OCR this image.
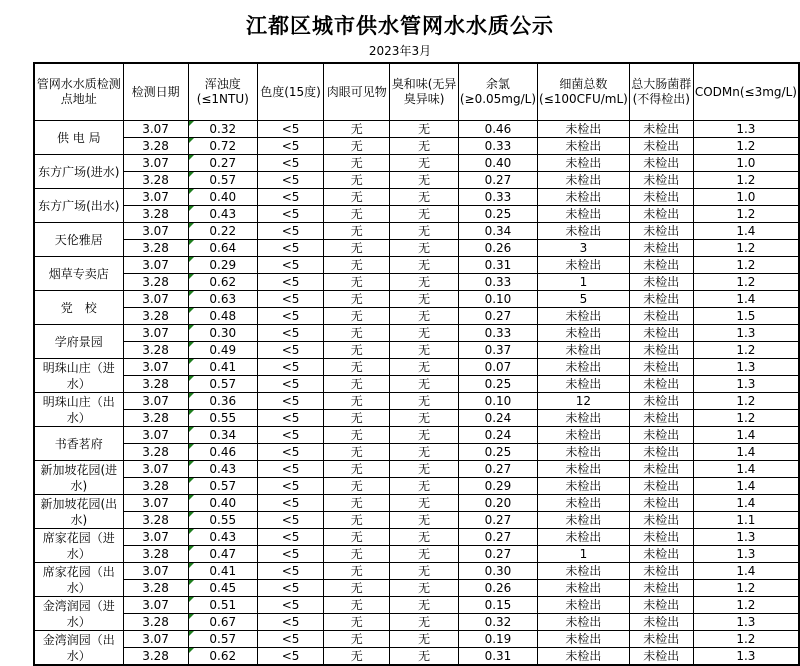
江都区城市供水管网水水质公示
2023年3月
管网水水质检测点地址	检测日期	浑浊度(≤1NTU)	色度(15度)	肉眼可见物	臭和味(无异臭异味)	余氯(≥0.05mg/L)	细菌总数(≤100CFU/mL)	总大肠菌群(不得检出)	CODMn(≤3mg/L)
供 电 局	3.07	0.32	<5	无	无	0.46	未检出	未检出	1.3
	3.28	0.72	<5	无	无	0.33	未检出	未检出	1.2
东方广场(进水)	3.07	0.27	<5	无	无	0.40	未检出	未检出	1.0
	3.28	0.57	<5	无	无	0.27	未检出	未检出	1.2
东方广场(出水)	3.07	0.40	<5	无	无	0.33	未检出	未检出	1.0
	3.28	0.43	<5	无	无	0.25	未检出	未检出	1.2
天伦雅居	3.07	0.22	<5	无	无	0.34	未检出	未检出	1.4
	3.28	0.64	<5	无	无	0.26	3	未检出	1.2
烟草专卖店	3.07	0.29	<5	无	无	0.31	未检出	未检出	1.2
	3.28	0.62	<5	无	无	0.33	1	未检出	1.2
党　校	3.07	0.63	<5	无	无	0.10	5	未检出	1.4
	3.28	0.48	<5	无	无	0.27	未检出	未检出	1.5
学府景园	3.07	0.30	<5	无	无	0.33	未检出	未检出	1.3
	3.28	0.49	<5	无	无	0.37	未检出	未检出	1.2
明珠山庄（进水）	3.07	0.41	<5	无	无	0.07	未检出	未检出	1.3
	3.28	0.57	<5	无	无	0.25	未检出	未检出	1.3
明珠山庄（出水）	3.07	0.36	<5	无	无	0.10	12	未检出	1.2
	3.28	0.55	<5	无	无	0.24	未检出	未检出	1.2
书香茗府	3.07	0.34	<5	无	无	0.24	未检出	未检出	1.4
	3.28	0.46	<5	无	无	0.25	未检出	未检出	1.4
新加坡花园(进水)	3.07	0.43	<5	无	无	0.27	未检出	未检出	1.4
	3.28	0.57	<5	无	无	0.29	未检出	未检出	1.4
新加坡花园(出水)	3.07	0.40	<5	无	无	0.20	未检出	未检出	1.4
	3.28	0.55	<5	无	无	0.27	未检出	未检出	1.1
席家花园（进水）	3.07	0.43	<5	无	无	0.27	未检出	未检出	1.3
	3.28	0.47	<5	无	无	0.27	1	未检出	1.3
席家花园（出水）	3.07	0.41	<5	无	无	0.30	未检出	未检出	1.4
	3.28	0.45	<5	无	无	0.26	未检出	未检出	1.2
金湾润园（进水）	3.07	0.51	<5	无	无	0.15	未检出	未检出	1.2
	3.28	0.67	<5	无	无	0.32	未检出	未检出	1.3
金湾润园（出水）	3.07	0.57	<5	无	无	0.19	未检出	未检出	1.2
	3.28	0.62	<5	无	无	0.31	未检出	未检出	1.3
